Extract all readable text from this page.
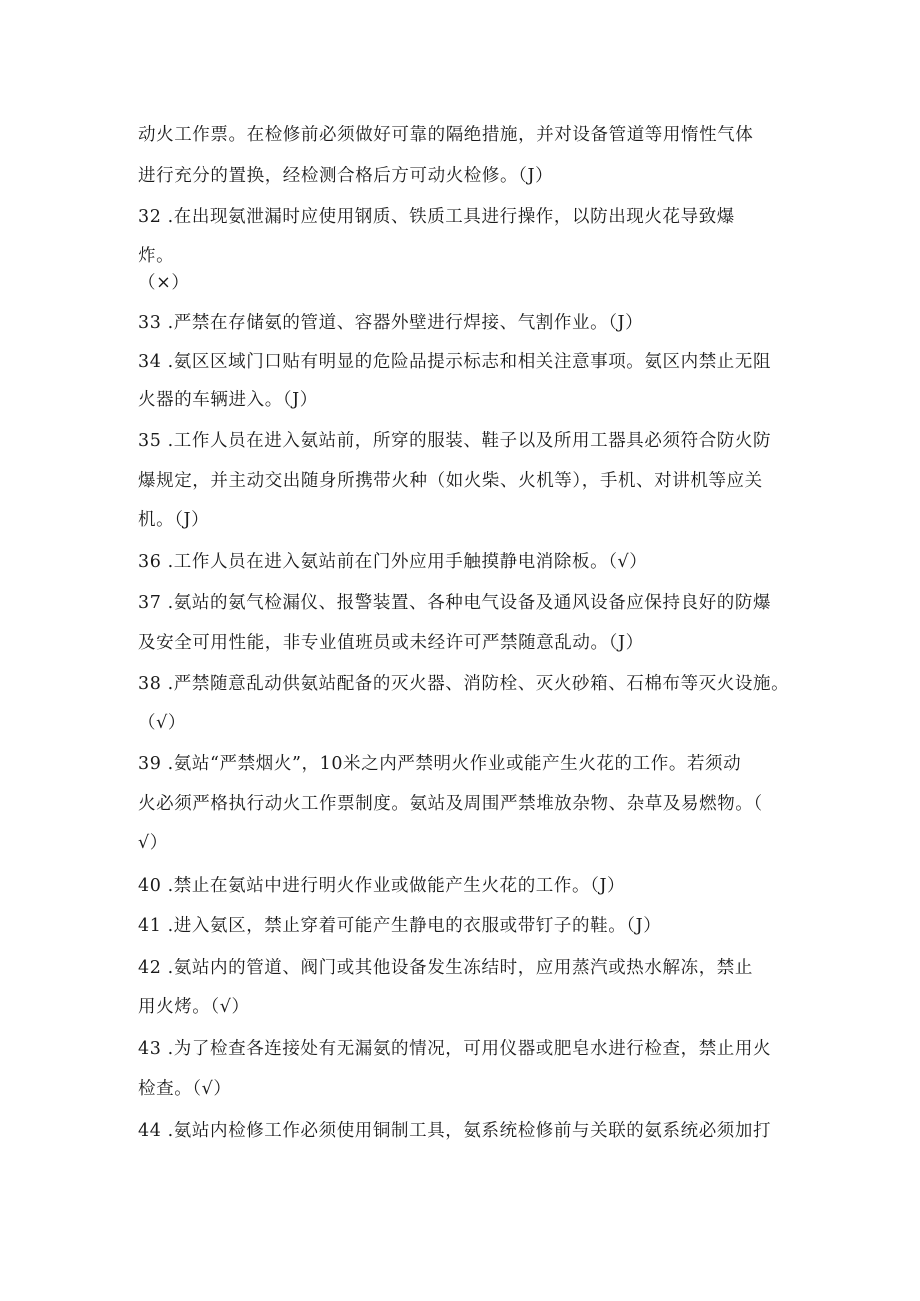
动火工作票。在检修前必须做好可靠的隔绝措施，并对设备管道等用惰性气体
进行充分的置换，经检测合格后方可动火检修。（J）
32 .在出现氨泄漏时应使用钢质、铁质工具进行操作，以防出现火花导致爆
炸。
（×）
33 .严禁在存储氨的管道、容器外壁进行焊接、气割作业。（J）
34 .氨区区域门口贴有明显的危险品提示标志和相关注意事项。氨区内禁止无阻
火器的车辆进入。（J）
35 .工作人员在进入氨站前，所穿的服装、鞋子以及所用工器具必须符合防火防
爆规定，并主动交出随身所携带火种（如火柴、火机等），手机、对讲机等应关
机。（J）
36 .工作人员在进入氨站前在门外应用手触摸静电消除板。（√）
37 .氨站的氨气检漏仪、报警装置、各种电气设备及通风设备应保持良好的防爆
及安全可用性能，非专业值班员或未经许可严禁随意乱动。（J）
38 .严禁随意乱动供氨站配备的灭火器、消防栓、灭火砂箱、石棉布等灭火设施。
（√）
39 .氨站“严禁烟火”，10米之内严禁明火作业或能产生火花的工作。若须动
火必须严格执行动火工作票制度。氨站及周围严禁堆放杂物、杂草及易燃物。（
√）
40 .禁止在氨站中进行明火作业或做能产生火花的工作。（J）
41 .进入氨区，禁止穿着可能产生静电的衣服或带钉子的鞋。（J）
42 .氨站内的管道、阀门或其他设备发生冻结时，应用蒸汽或热水解冻，禁止
用火烤。（√）
43 .为了检查各连接处有无漏氨的情况，可用仪器或肥皂水进行检查，禁止用火
检查。（√）
44 .氨站内检修工作必须使用铜制工具，氨系统检修前与关联的氨系统必须加打
